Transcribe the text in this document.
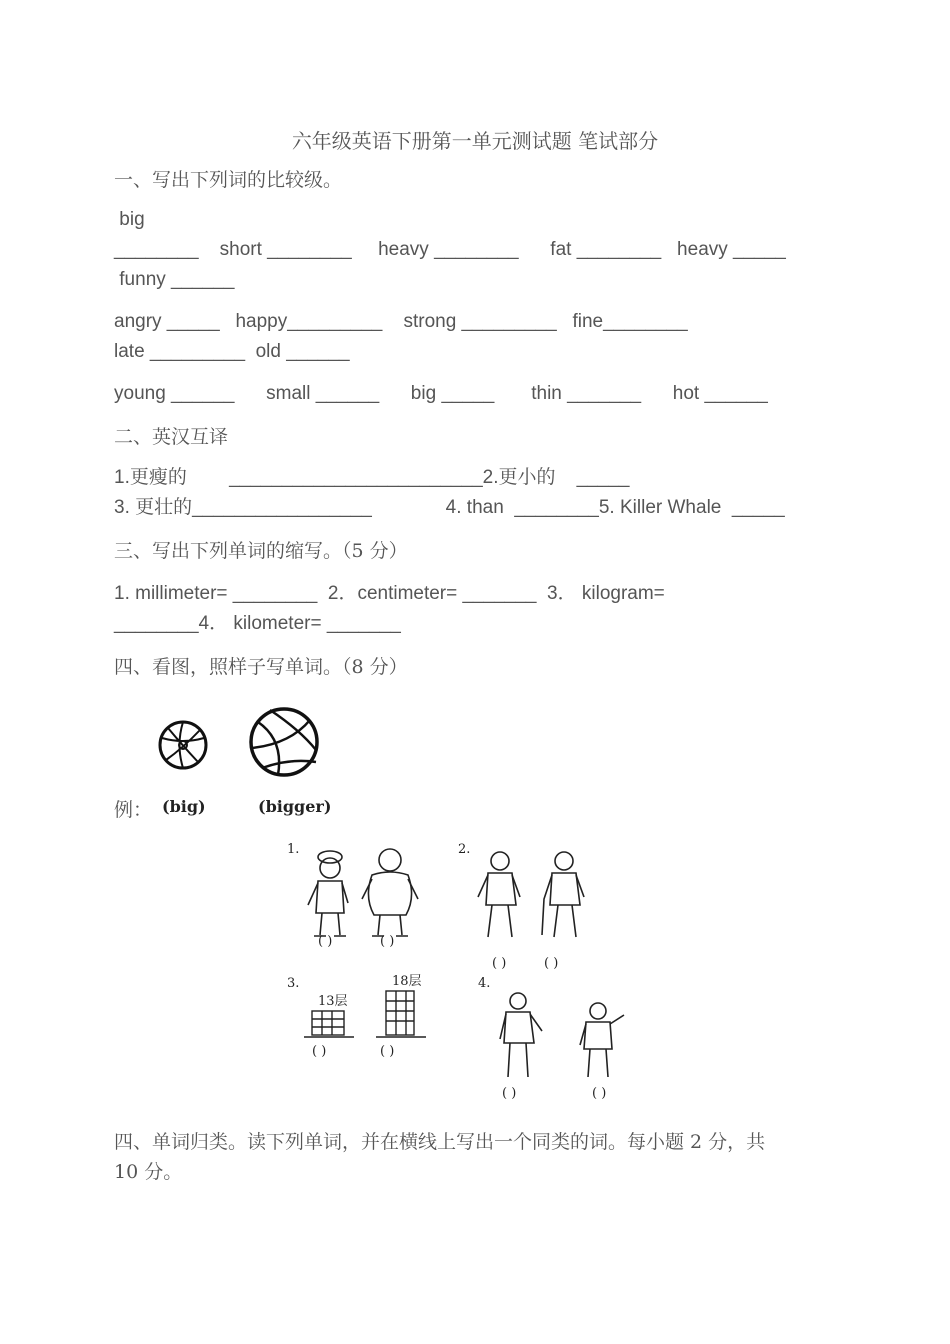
六年级英语下册第一单元测试题 笔试部分
一、写出下列词的比较级。
big
________    short ________     heavy ________      fat ________   heavy _____
funny ______
angry _____   happy_________    strong _________   fine________
late _________  old ______
young ______      small ______      big _____       thin _______      hot ______
二、英汉互译
1.更瘦的        ________________________2.更小的    _____
3. 更壮的_________________              4. than  ________5. Killer Whale  _____
三、写出下列单词的缩写。（5 分）
1. millimeter= ________  2．centimeter= _______  3． kilogram=
________4． kilometer= _______
四、看图，照样子写单词。（8 分）
例： (big)	(bigger)
1.
( )	( )
2.
( )	( )
3.
13层
18层
( )	( )
4.
( )	( )
四、单词归类。读下列单词，并在横线上写出一个同类的词。每小题 2 分，共
10 分。
